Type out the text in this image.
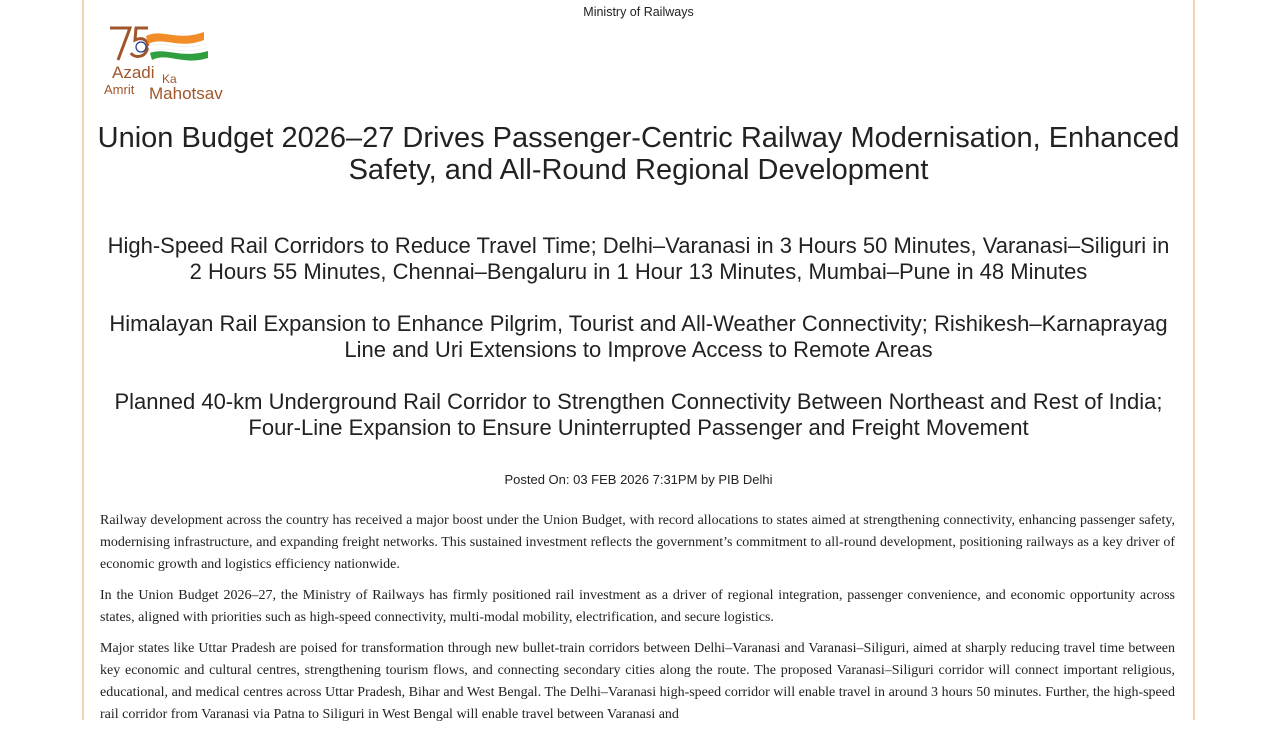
Ministry of Railways
Azadi Ka
Amrit Mahotsav
Union Budget 2026–27 Drives Passenger-Centric Railway Modernisation, Enhanced Safety, and All-Round Regional Development
High-Speed Rail Corridors to Reduce Travel Time; Delhi–Varanasi in 3 Hours 50 Minutes, Varanasi–Siliguri in 2 Hours 55 Minutes, Chennai–Bengaluru in 1 Hour 13 Minutes, Mumbai–Pune in 48 Minutes
Himalayan Rail Expansion to Enhance Pilgrim, Tourist and All-Weather Connectivity; Rishikesh–Karnaprayag Line and Uri Extensions to Improve Access to Remote Areas
Planned 40-km Underground Rail Corridor to Strengthen Connectivity Between Northeast and Rest of India; Four-Line Expansion to Ensure Uninterrupted Passenger and Freight Movement
Posted On: 03 FEB 2026 7:31PM by PIB Delhi

Railway development across the country has received a major boost under the Union Budget, with record allocations to states aimed at strengthening connectivity, enhancing passenger safety, modernising infrastructure, and expanding freight networks. This sustained investment reflects the government’s commitment to all-round development, positioning railways as a key driver of economic growth and logistics efficiency nationwide.

In the Union Budget 2026–27, the Ministry of Railways has firmly positioned rail investment as a driver of regional integration, passenger convenience, and economic opportunity across states, aligned with priorities such as high-speed connectivity, multi-modal mobility, electrification, and secure logistics.

Major states like Uttar Pradesh are poised for transformation through new bullet-train corridors between Delhi–Varanasi and Varanasi–Siliguri, aimed at sharply reducing travel time between key economic and cultural centres, strengthening tourism flows, and connecting secondary cities along the route. The proposed Varanasi–Siliguri corridor will connect important religious, educational, and medical centres across Uttar Pradesh, Bihar and West Bengal. The Delhi–Varanasi high-speed corridor will enable travel in around 3 hours 50 minutes. Further, the high-speed rail corridor from Varanasi via Patna to Siliguri in West Bengal will enable travel between Varanasi and
